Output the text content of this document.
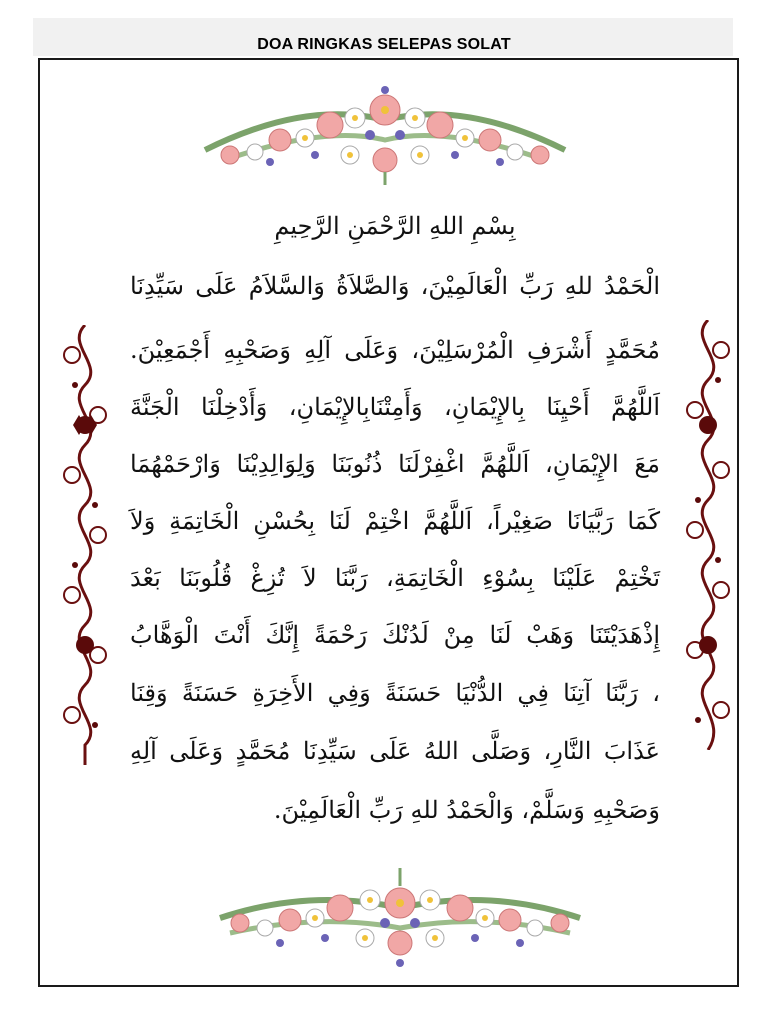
DOA RINGKAS SELEPAS SOLAT
بِسْمِ اللهِ الرَّحْمَنِ الرَّحِيمِ
الْحَمْدُ للهِ رَبِّ الْعَالَمِيْنَ، وَالصَّلاَةُ وَالسَّلاَمُ عَلَى سَيِّدِنَا
مُحَمَّدٍ أَشْرَفِ الْمُرْسَلِيْنَ، وَعَلَى آلِهِ وَصَحْبِهِ أَجْمَعِيْنَ.
اَللَّهُمَّ أَحْيِنَا بِالإِيْمَانِ، وَأَمِتْنَابِالإِيْمَانِ، وَأَدْخِلْنَا الْجَنَّةَ
مَعَ الإِيْمَانِ، اَللَّهُمَّ اغْفِرْلَنَا ذُنُوبَنَا وَلِوَالِدِيْنَا وَارْحَمْهُمَا
كَمَا رَبَّيَانَا صَغِيْراً، اَللَّهُمَّ اخْتِمْ لَنَا بِحُسْنِ الْخَاتِمَةِ وَلاَ
تَخْتِمْ عَلَيْنَا بِسُوْءِ الْخَاتِمَةِ، رَبَّنَا لاَ تُزِغْ قُلُوبَنَا بَعْدَ
إِذْهَدَيْتَنَا وَهَبْ لَنَا مِنْ لَدُنْكَ رَحْمَةً إِنَّكَ أَنْتَ الْوَهَّابُ
، رَبَّنَا آتِنَا فِي الدُّنْيَا حَسَنَةً وَفِي الأَخِرَةِ حَسَنَةً وَقِنَا
عَذَابَ النَّارِ، وَصَلَّى اللهُ عَلَى سَيِّدِنَا مُحَمَّدٍ وَعَلَى آلِهِ
وَصَحْبِهِ وَسَلَّمْ، وَالْحَمْدُ للهِ رَبِّ الْعَالَمِيْنَ.
